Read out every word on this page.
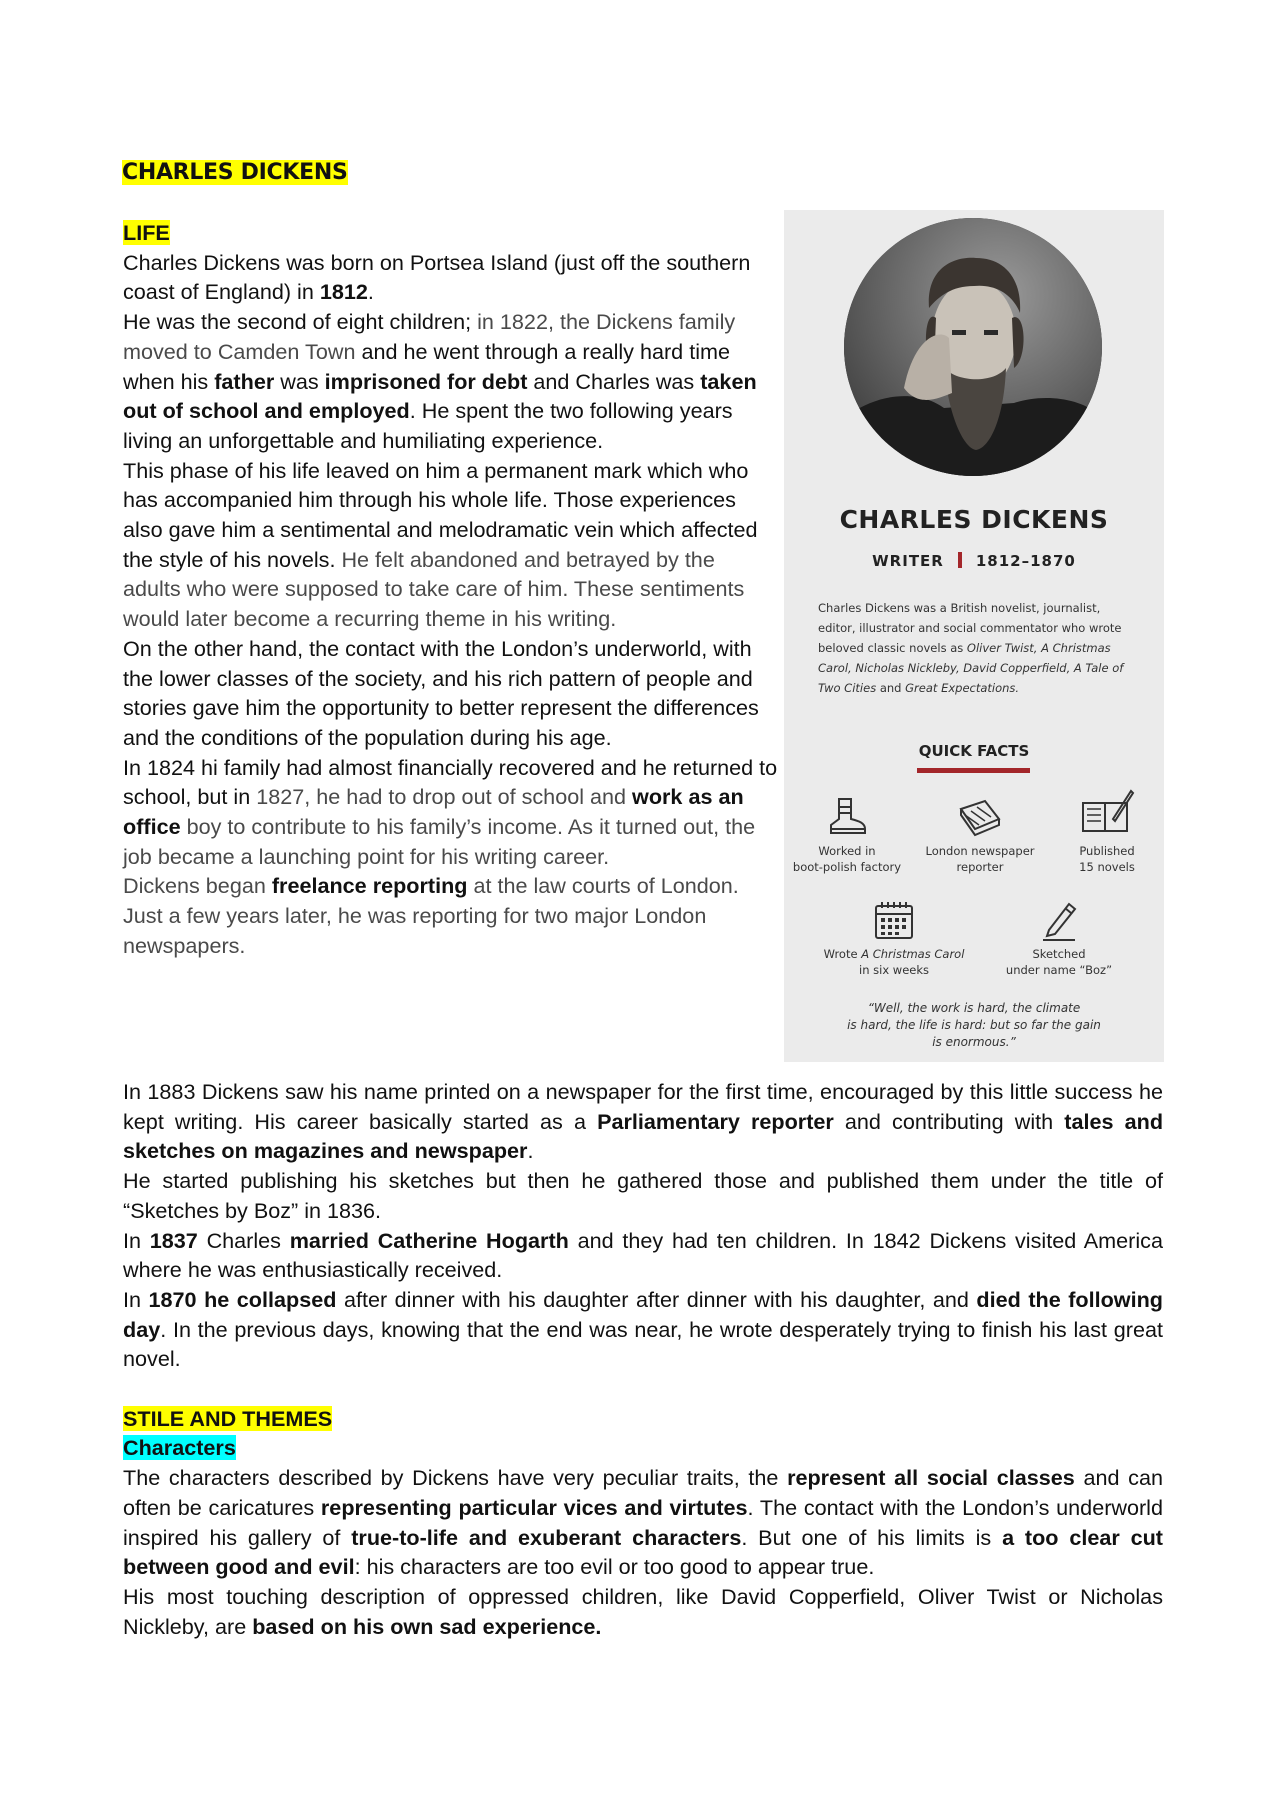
CHARLES DICKENS

LIFE

Charles Dickens was born on Portsea Island (just off the southern coast of England) in 1812.

He was the second of eight children; in 1822, the Dickens family moved to Camden Town and he went through a really hard time when his father was imprisoned for debt and Charles was taken out of school and employed. He spent the two following years living an unforgettable and humiliating experience.

This phase of his life leaved on him a permanent mark which who has accompanied him through his whole life. Those experiences also gave him a sentimental and melodramatic vein which affected the style of his novels. He felt abandoned and betrayed by the adults who were supposed to take care of him. These sentiments would later become a recurring theme in his writing.

On the other hand, the contact with the London’s underworld, with the lower classes of the society, and his rich pattern of people and stories gave him the opportunity to better represent the differences and the conditions of the population during his age.

In 1824 hi family had almost financially recovered and he returned to school, but in 1827, he had to drop out of school and work as an office boy to contribute to his family’s income. As it turned out, the job became a launching point for his writing career.

Dickens began freelance reporting at the law courts of London. Just a few years later, he was reporting for two major London newspapers.

CHARLES DICKENS
WRITER 1812–1870
Charles Dickens was a British novelist, journalist, editor, illustrator and social commentator who wrote beloved classic novels as Oliver Twist, A Christmas Carol, Nicholas Nickleby, David Copperfield, A Tale of Two Cities and Great Expectations.
QUICK FACTS
Worked in
boot-polish factory
London newspaper
reporter
Published
15 novels
Wrote A Christmas Carol
in six weeks
Sketched
under name “Boz”
“Well, the work is hard, the climate
is hard, the life is hard: but so far the gain
is enormous.”

In 1883 Dickens saw his name printed on a newspaper for the first time, encouraged by this little success he kept writing. His career basically started as a Parliamentary reporter and contributing with tales and sketches on magazines and newspaper.

He started publishing his sketches but then he gathered those and published them under the title of “Sketches by Boz” in 1836.

In 1837 Charles married Catherine Hogarth and they had ten children. In 1842 Dickens visited America where he was enthusiastically received.

In 1870 he collapsed after dinner with his daughter after dinner with his daughter, and died the following day. In the previous days, knowing that the end was near, he wrote desperately trying to finish his last great novel.

STILE AND THEMES

Characters

The characters described by Dickens have very peculiar traits, the represent all social classes and can often be caricatures representing particular vices and virtutes. The contact with the London’s underworld inspired his gallery of true-to-life and exuberant characters. But one of his limits is a too clear cut between good and evil: his characters are too evil or too good to appear true.

His most touching description of oppressed children, like David Copperfield, Oliver Twist or Nicholas Nickleby, are based on his own sad experience.
